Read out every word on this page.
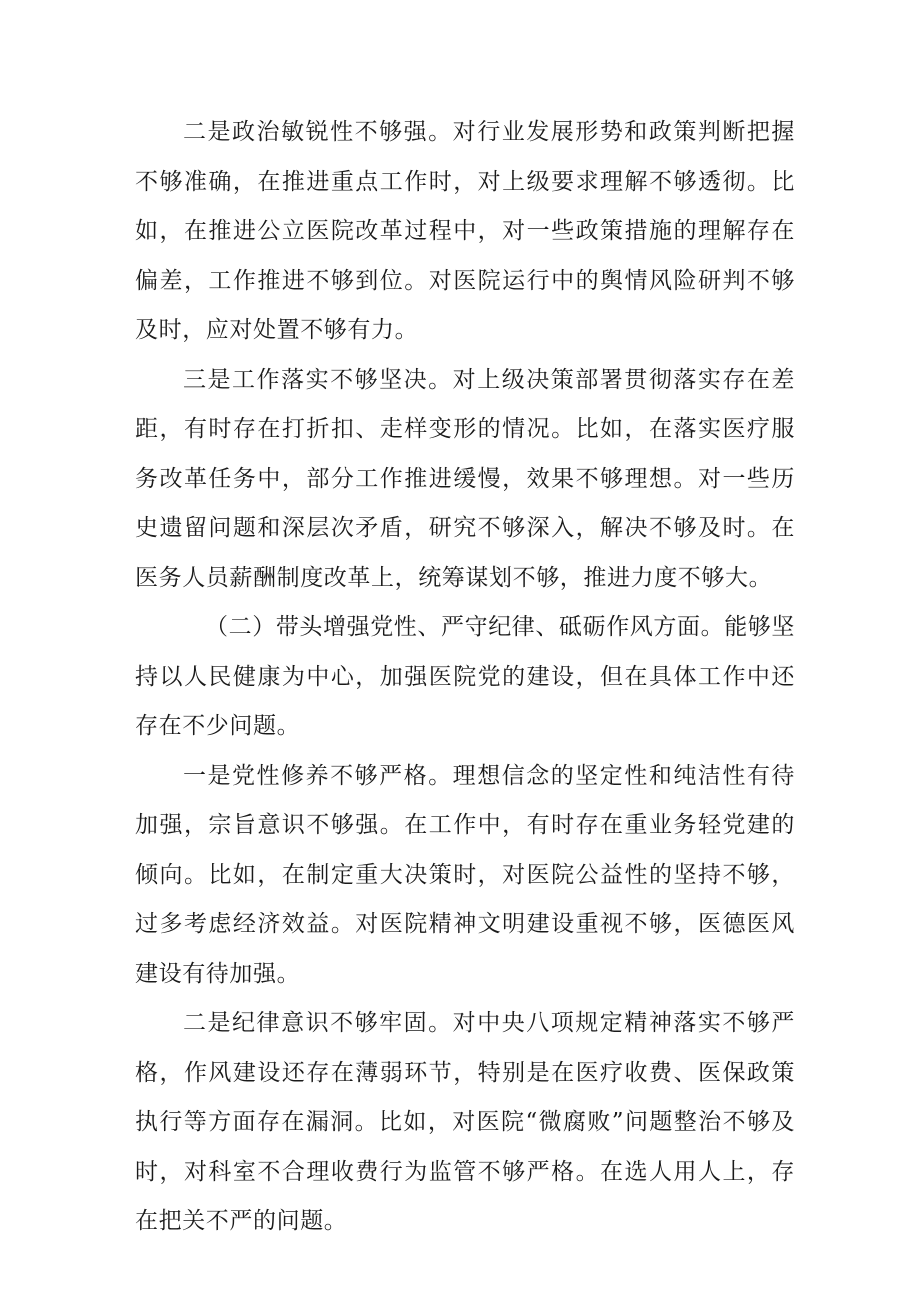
二是政治敏锐性不够强。对行业发展形势和政策判断把握不够准确，在推进重点工作时，对上级要求理解不够透彻。比如，在推进公立医院改革过程中，对一些政策措施的理解存在偏差，工作推进不够到位。对医院运行中的舆情风险研判不够及时，应对处置不够有力。

三是工作落实不够坚决。对上级决策部署贯彻落实存在差距，有时存在打折扣、走样变形的情况。比如，在落实医疗服务改革任务中，部分工作推进缓慢，效果不够理想。对一些历史遗留问题和深层次矛盾，研究不够深入，解决不够及时。在医务人员薪酬制度改革上，统筹谋划不够，推进力度不够大。

（二）带头增强党性、严守纪律、砥砺作风方面。能够坚持以人民健康为中心，加强医院党的建设，但在具体工作中还存在不少问题。

一是党性修养不够严格。理想信念的坚定性和纯洁性有待加强，宗旨意识不够强。在工作中，有时存在重业务轻党建的倾向。比如，在制定重大决策时，对医院公益性的坚持不够，过多考虑经济效益。对医院精神文明建设重视不够，医德医风建设有待加强。

二是纪律意识不够牢固。对中央八项规定精神落实不够严格，作风建设还存在薄弱环节，特别是在医疗收费、医保政策执行等方面存在漏洞。比如，对医院“微腐败”问题整治不够及时，对科室不合理收费行为监管不够严格。在选人用人上，存在把关不严的问题。
